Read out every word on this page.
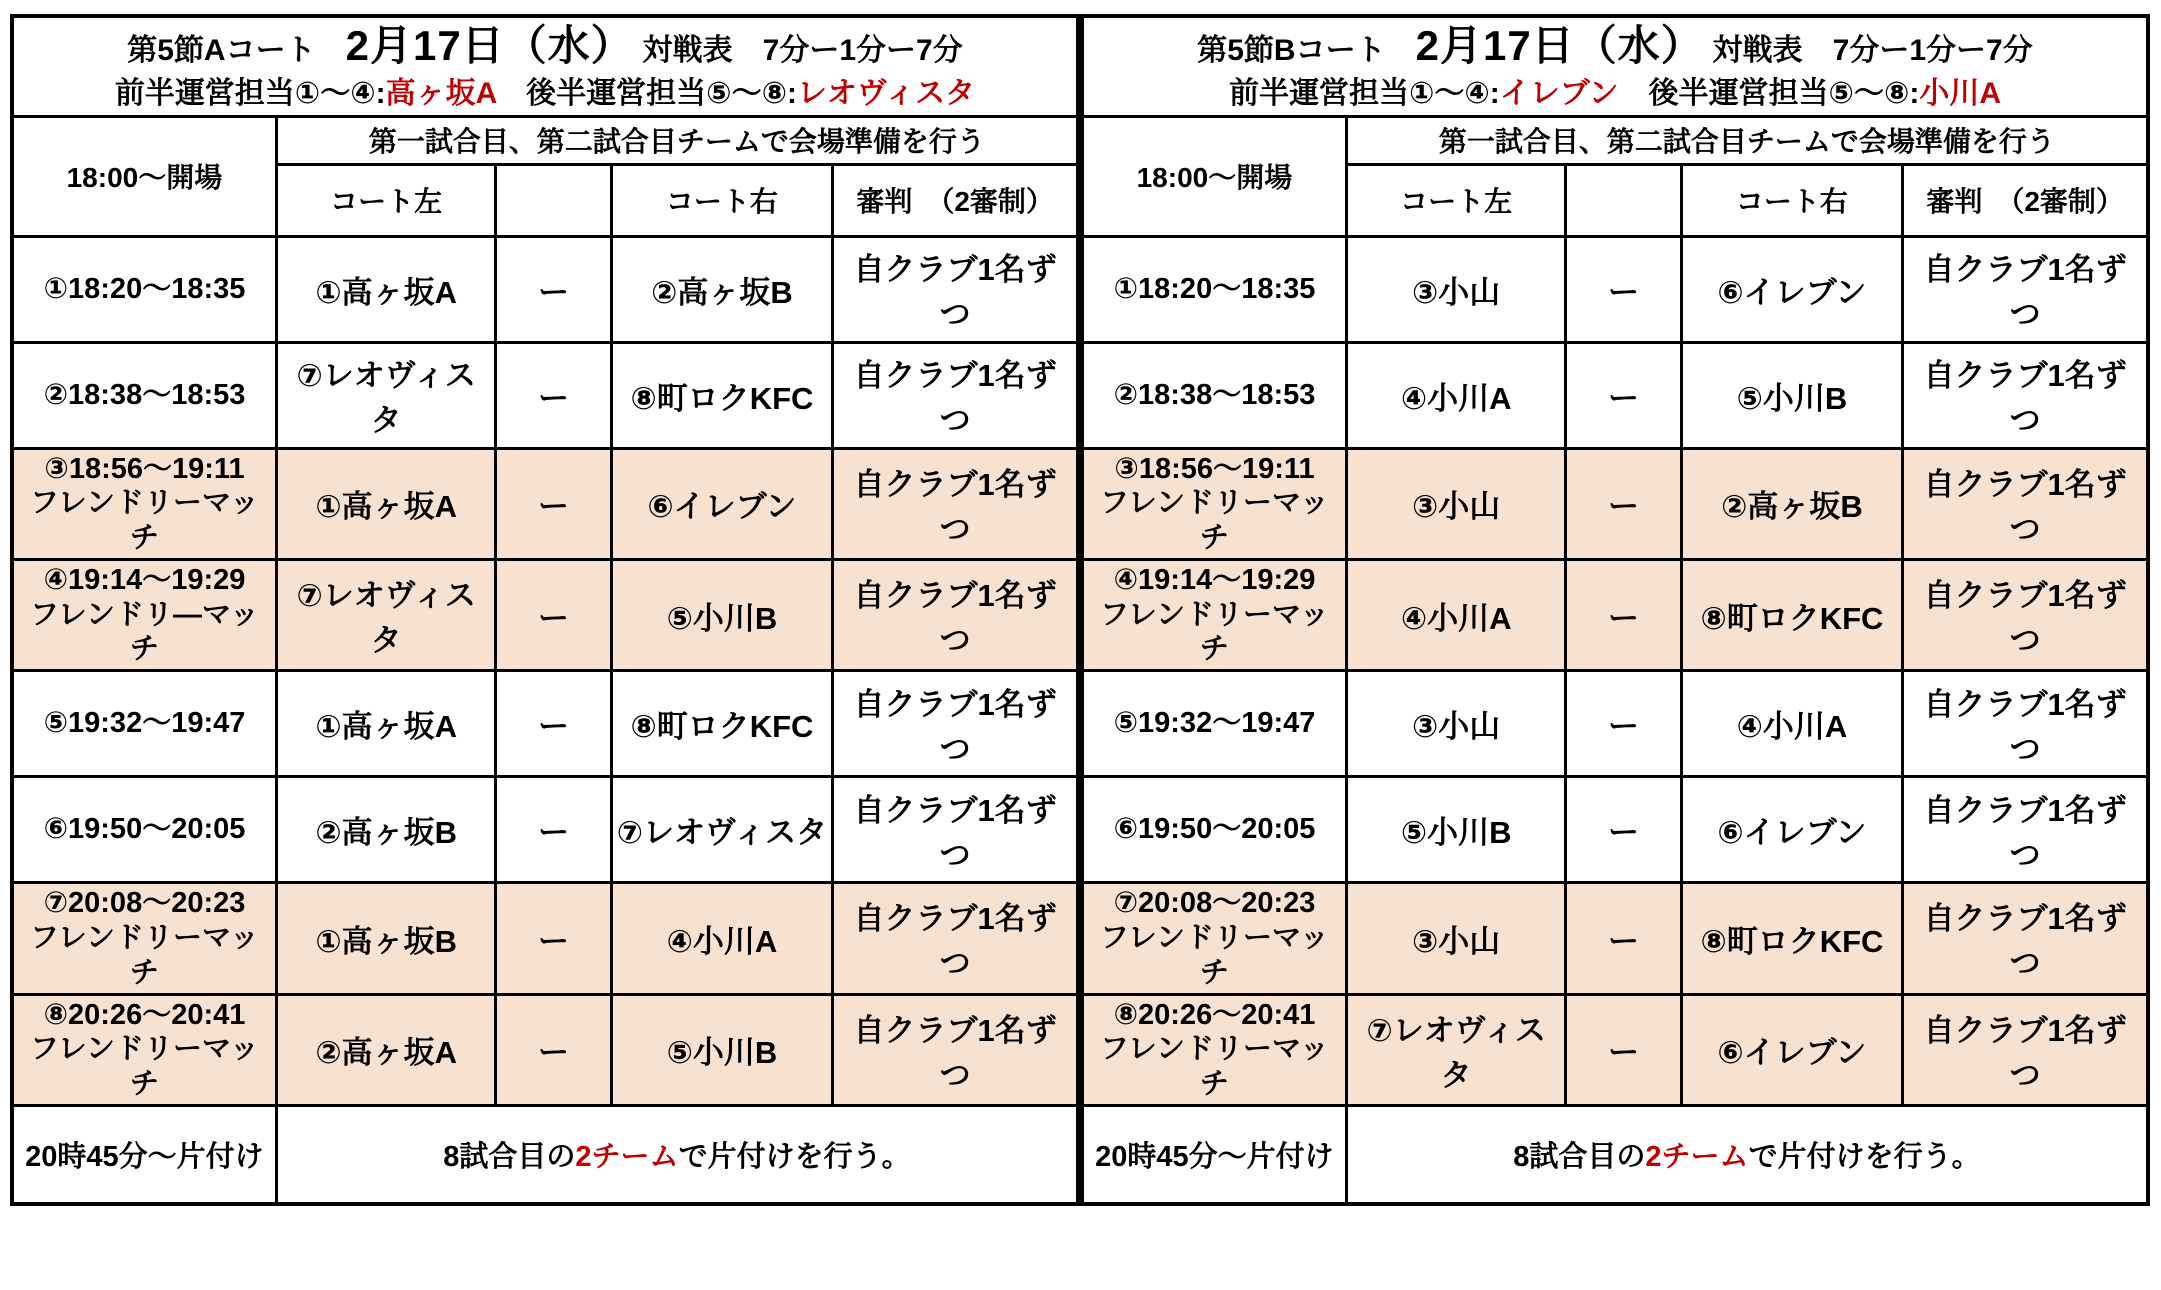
第5節Aコート　2月17日（水）　対戦表　7分ー1分ー7分
前半運営担当①～④:高ヶ坂A　後半運営担当⑤～⑧:レオヴィスタ				

18:00～開場	第一試合目、第二試合目チームで会場準備を行う			
	コート左		コート右	審判　（2審制）

①18:20～18:35	①高ヶ坂A	ー	②高ヶ坂B	自クラブ1名ずつ

②18:38～18:53	⑦レオヴィスタ	ー	⑧町ロクKFC	自クラブ1名ずつ

③18:56～19:11
フレンドリーマッチ	①高ヶ坂A	ー	⑥イレブン	自クラブ1名ずつ

④19:14～19:29
フレンドリ—マッチ	⑦レオヴィスタ	ー	⑤小川B	自クラブ1名ずつ

⑤19:32～19:47	①高ヶ坂A	ー	⑧町ロクKFC	自クラブ1名ずつ

⑥19:50～20:05	②高ヶ坂B	ー	⑦レオヴィスタ	自クラブ1名ずつ

⑦20:08～20:23
フレンドリーマッチ	①高ヶ坂B	ー	④小川A	自クラブ1名ずつ

⑧20:26～20:41
フレンドリーマッチ	②高ヶ坂A	ー	⑤小川B	自クラブ1名ずつ
20時45分～片付け	8試合目の2チームで片付けを行う。			
第5節Bコート　2月17日（水）　対戦表　7分ー1分ー7分
前半運営担当①～④:イレブン　後半運営担当⑤～⑧:小川A				

18:00～開場	第一試合目、第二試合目チームで会場準備を行う			
	コート左		コート右	審判　（2審制）

①18:20～18:35	③小山	ー	⑥イレブン	自クラブ1名ずつ

②18:38～18:53	④小川A	ー	⑤小川B	自クラブ1名ずつ

③18:56～19:11
フレンドリーマッチ	③小山	ー	②高ヶ坂B	自クラブ1名ずつ

④19:14～19:29
フレンドリーマッチ	④小川A	ー	⑧町ロクKFC	自クラブ1名ずつ

⑤19:32～19:47	③小山	ー	④小川A	自クラブ1名ずつ

⑥19:50～20:05	⑤小川B	ー	⑥イレブン	自クラブ1名ずつ

⑦20:08～20:23
フレンドリーマッチ	③小山	ー	⑧町ロクKFC	自クラブ1名ずつ

⑧20:26～20:41
フレンドリーマッチ	⑦レオヴィスタ	ー	⑥イレブン	自クラブ1名ずつ
20時45分～片付け	8試合目の2チームで片付けを行う。			
